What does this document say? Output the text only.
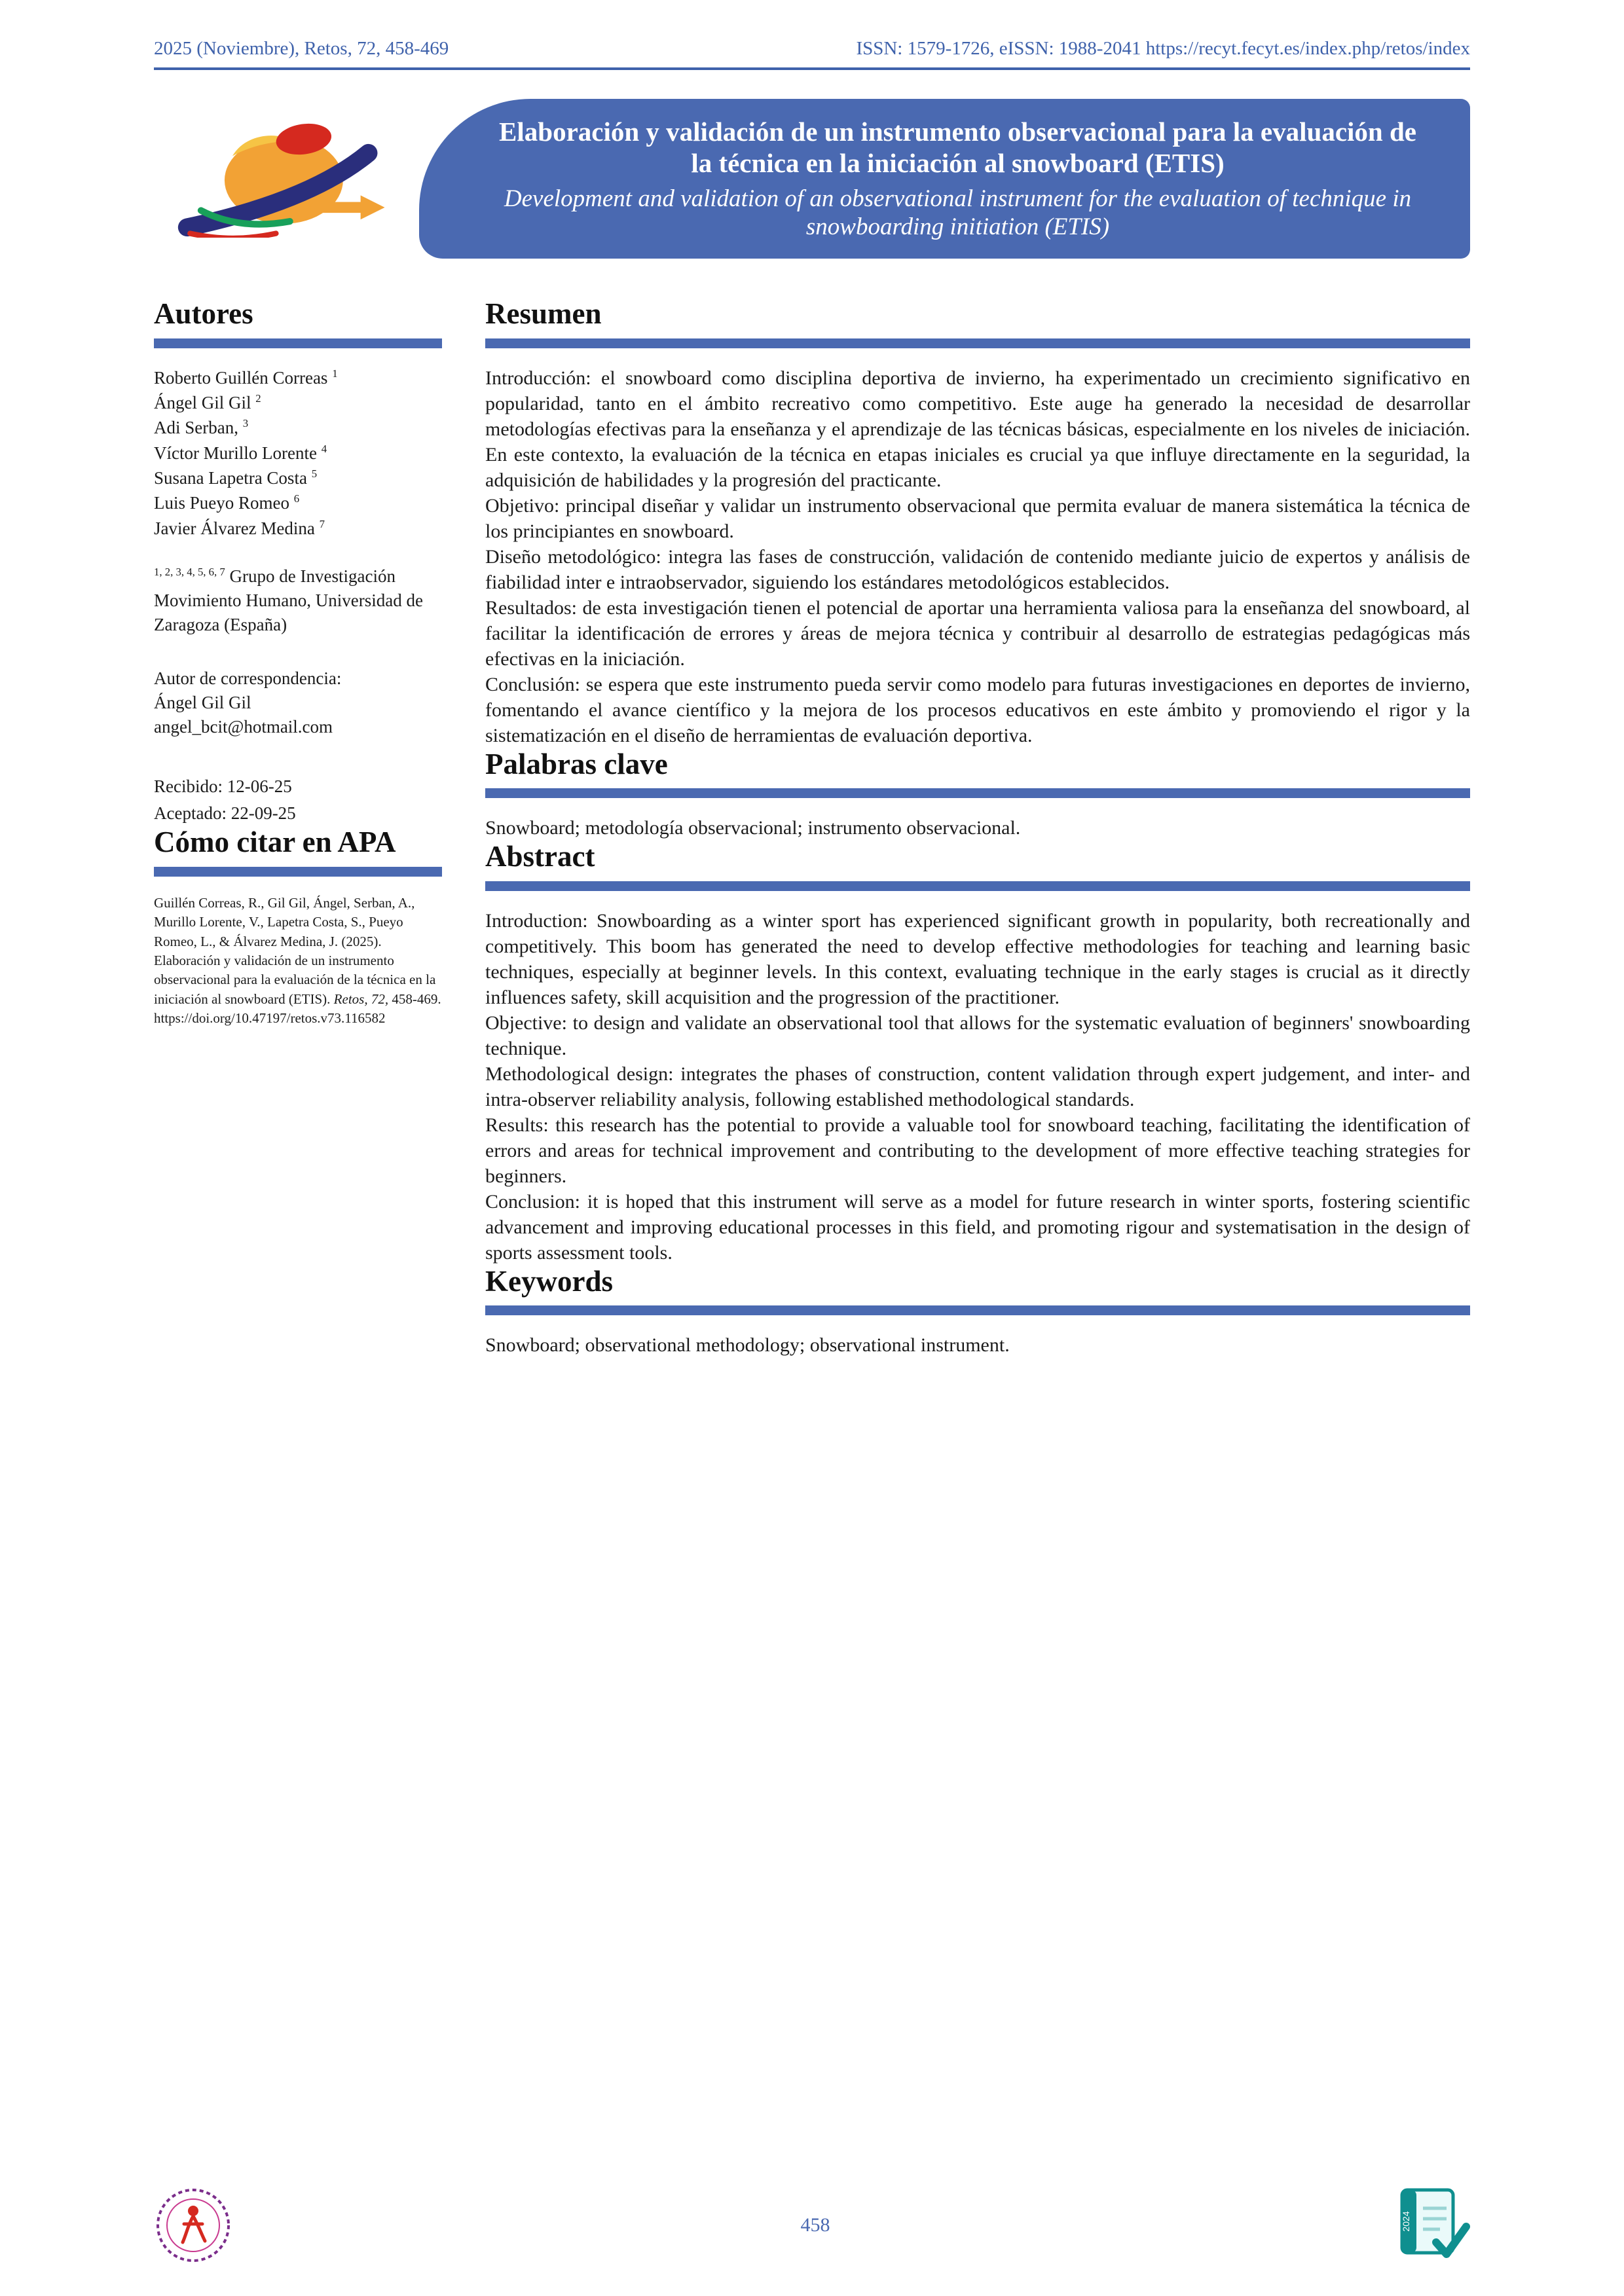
2025 (Noviembre), Retos, 72, 458-469	ISSN: 1579-1726, eISSN: 1988-2041 https://recyt.fecyt.es/index.php/retos/index

Elaboración y validación de un instrumento observacional para la evaluación de la técnica en la iniciación al snowboard (ETIS)

Development and validation of an observational instrument for the evaluation of technique in snowboarding initiation (ETIS)

Autores
Roberto Guillén Correas $^1$
Ángel Gil Gil $^2$
Adi Serban, $^3$
Víctor Murillo Lorente $^4$
Susana Lapetra Costa $^5$
Luis Pueyo Romeo $^6$
Javier Álvarez Medina $^7$

$^{1, 2, 3, 4, 5, 6, 7}$ Grupo de Investigación Movimiento Humano, Universidad de Zaragoza (España)

Autor de correspondencia:
Ángel Gil Gil
angel_bcit@hotmail.com
Recibido: 12-06-25
Aceptado: 22-09-25
Cómo citar en APA

Guillén Correas, R., Gil Gil, Ángel, Serban, A., Murillo Lorente, V., Lapetra Costa, S., Pueyo Romeo, L., & Álvarez Medina, J. (2025). Elaboración y validación de un instrumento observacional para la evaluación de la técnica en la iniciación al snowboard (ETIS). Retos, 72, 458-469.
https://doi.org/10.47197/retos.v73.116582

Resumen

Introducción: el snowboard como disciplina deportiva de invierno, ha experimentado un crecimiento significativo en popularidad, tanto en el ámbito recreativo como competitivo. Este auge ha generado la necesidad de desarrollar metodologías efectivas para la enseñanza y el aprendizaje de las técnicas básicas, especialmente en los niveles de iniciación. En este contexto, la evaluación de la técnica en etapas iniciales es crucial ya que influye directamente en la seguridad, la adquisición de habilidades y la progresión del practicante.

Objetivo: principal diseñar y validar un instrumento observacional que permita evaluar de manera sistemática la técnica de los principiantes en snowboard.

Diseño metodológico: integra las fases de construcción, validación de contenido mediante juicio de expertos y análisis de fiabilidad inter e intraobservador, siguiendo los estándares metodológicos establecidos.

Resultados: de esta investigación tienen el potencial de aportar una herramienta valiosa para la enseñanza del snowboard, al facilitar la identificación de errores y áreas de mejora técnica y contribuir al desarrollo de estrategias pedagógicas más efectivas en la iniciación.

Conclusión: se espera que este instrumento pueda servir como modelo para futuras investigaciones en deportes de invierno, fomentando el avance científico y la mejora de los procesos educativos en este ámbito y promoviendo el rigor y la sistematización en el diseño de herramientas de evaluación deportiva.

Palabras clave

Snowboard; metodología observacional; instrumento observacional.

Abstract

Introduction: Snowboarding as a winter sport has experienced significant growth in popularity, both recreationally and competitively. This boom has generated the need to develop effective methodologies for teaching and learning basic techniques, especially at beginner levels. In this context, evaluating technique in the early stages is crucial as it directly influences safety, skill acquisition and the progression of the practitioner.

Objective: to design and validate an observational tool that allows for the systematic evaluation of beginners' snowboarding technique.

Methodological design: integrates the phases of construction, content validation through expert judgement, and inter- and intra-observer reliability analysis, following established methodological standards.

Results: this research has the potential to provide a valuable tool for snowboard teaching, facilitating the identification of errors and areas for technical improvement and contributing to the development of more effective teaching strategies for beginners.

Conclusion: it is hoped that this instrument will serve as a model for future research in winter sports, fostering scientific advancement and improving educational processes in this field, and promoting rigour and systematisation in the design of sports assessment tools.

Keywords

Snowboard; observational methodology; observational instrument.

458	2024
